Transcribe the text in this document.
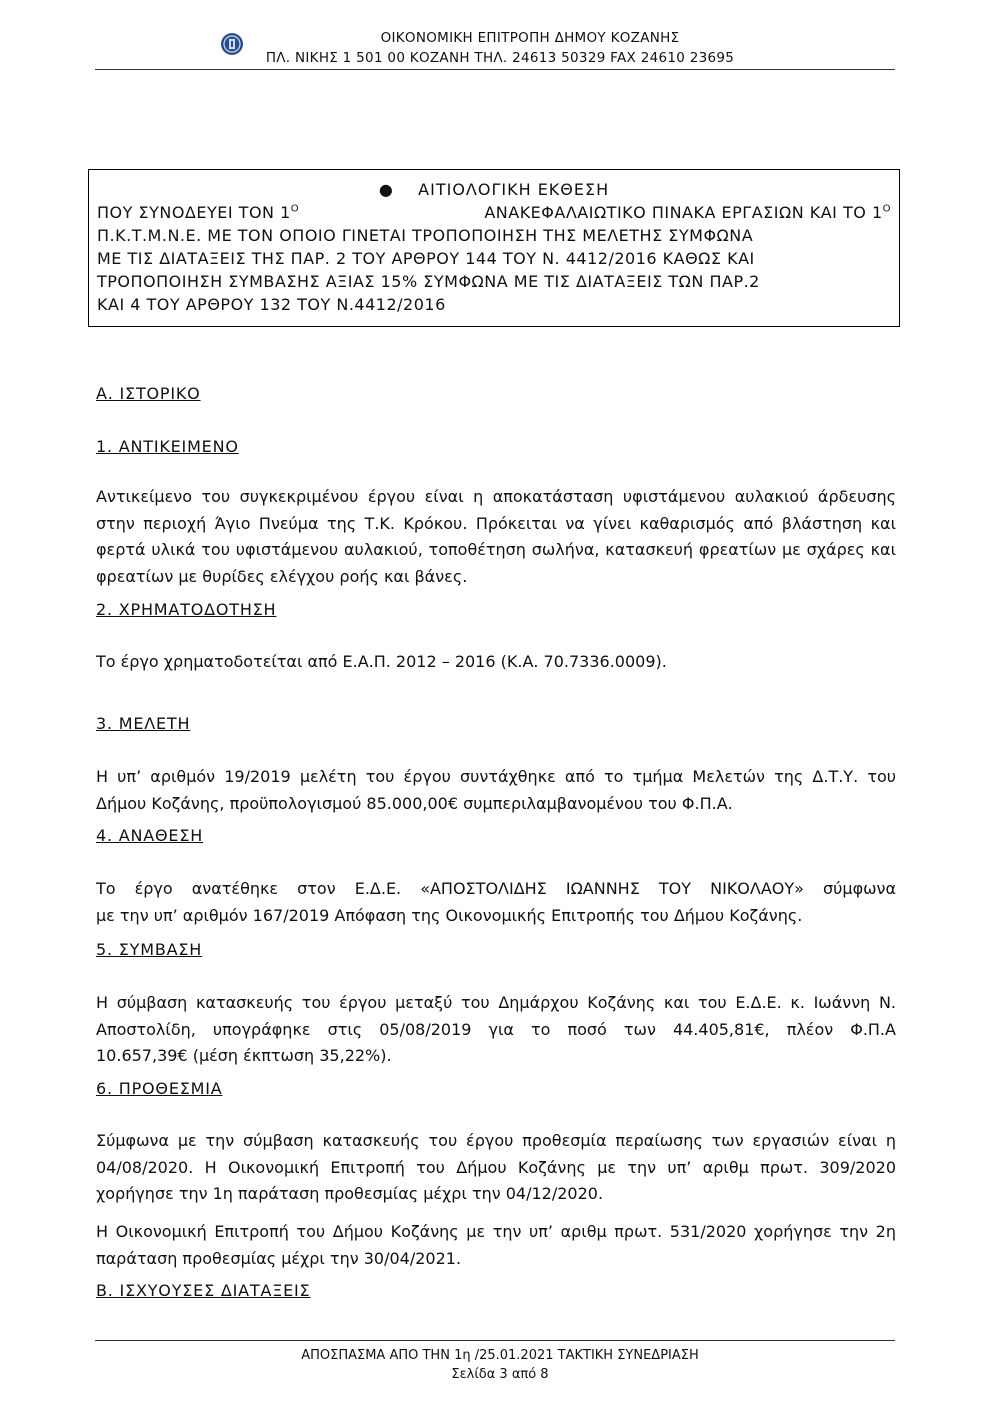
ΟΙΚΟΝΟΜΙΚΗ ΕΠΙΤΡΟΠΗ ΔΗΜΟΥ ΚΟΖΑΝΗΣ
ΠΛ. ΝΙΚΗΣ 1 501 00 ΚΟΖΑΝΗ ΤΗΛ. 24613 50329 FAX 24610 23695
●    ΑΙΤΙΟΛΟΓΙΚΗ ΕΚΘΕΣΗ
ΠΟΥ ΣΥΝΟΔΕΥΕΙ ΤΟΝ $1^O$	ΑΝΑΚΕΦΑΛΑΙΩΤΙΚΟ ΠΙΝΑΚΑ ΕΡΓΑΣΙΩΝ ΚΑΙ ΤΟ $1^O$
Π.Κ.Τ.Μ.Ν.Ε. ΜΕ ΤΟΝ ΟΠΟΙΟ ΓΙΝΕΤΑΙ ΤΡΟΠΟΠΟΙΗΣΗ ΤΗΣ ΜΕΛΕΤΗΣ ΣΥΜΦΩΝΑ
ΜΕ ΤΙΣ ΔΙΑΤΑΞΕΙΣ ΤΗΣ ΠΑΡ. 2 ΤΟΥ ΑΡΘΡΟΥ 144 ΤΟΥ Ν. 4412/2016 ΚΑΘΩΣ ΚΑΙ
ΤΡΟΠΟΠΟΙΗΣΗ ΣΥΜΒΑΣΗΣ ΑΞΙΑΣ 15% ΣΥΜΦΩΝΑ ΜΕ ΤΙΣ ΔΙΑΤΑΞΕΙΣ ΤΩΝ ΠΑΡ.2
ΚΑΙ 4 ΤΟΥ ΑΡΘΡΟΥ 132 ΤΟΥ Ν.4412/2016
Α. ΙΣΤΟΡΙΚΟ
1. ΑΝΤΙΚΕΙΜΕΝΟ
Αντικείμενο του συγκεκριμένου έργου είναι η αποκατάσταση υφιστάμενου αυλακιού άρδευσης
στην περιοχή Άγιο Πνεύμα της Τ.Κ. Κρόκου. Πρόκειται να γίνει καθαρισμός από βλάστηση και
φερτά υλικά του υφιστάμενου αυλακιού, τοποθέτηση σωλήνα, κατασκευή φρεατίων με σχάρες και
φρεατίων με θυρίδες ελέγχου ροής και βάνες.
2. ΧΡΗΜΑΤΟΔΟΤΗΣΗ
Το έργο χρηματοδοτείται από Ε.Α.Π. 2012 – 2016 (Κ.Α. 70.7336.0009).
3. ΜΕΛΕΤΗ
Η υπ’ αριθμόν 19/2019 μελέτη του έργου συντάχθηκε από το τμήμα Μελετών της Δ.Τ.Υ. του
Δήμου Κοζάνης, προϋπολογισμού 85.000,00€ συμπεριλαμβανομένου του Φ.Π.Α.
4. ΑΝΑΘΕΣΗ
Το έργο ανατέθηκε στον Ε.Δ.Ε. «ΑΠΟΣΤΟΛΙΔΗΣ ΙΩΑΝΝΗΣ ΤΟΥ ΝΙΚΟΛΑΟΥ» σύμφωνα
με την υπ’ αριθμόν 167/2019 Απόφαση της Οικονομικής Επιτροπής του Δήμου Κοζάνης.
5. ΣΥΜΒΑΣΗ
Η σύμβαση κατασκευής του έργου μεταξύ του Δημάρχου Κοζάνης και του Ε.Δ.Ε. κ. Ιωάννη Ν.
Αποστολίδη, υπογράφηκε στις 05/08/2019 για το ποσό των 44.405,81€, πλέον Φ.Π.Α
10.657,39€ (μέση έκπτωση 35,22%).
6. ΠΡΟΘΕΣΜΙΑ
Σύμφωνα με την σύμβαση κατασκευής του έργου προθεσμία περαίωσης των εργασιών είναι η
04/08/2020. Η Οικονομική Επιτροπή του Δήμου Κοζάνης με την υπ’ αριθμ πρωτ. 309/2020
χορήγησε την 1η παράταση προθεσμίας μέχρι την 04/12/2020.
Η Οικονομική Επιτροπή του Δήμου Κοζάνης με την υπ’ αριθμ πρωτ. 531/2020 χορήγησε την 2η
παράταση προθεσμίας μέχρι την 30/04/2021.
Β. ΙΣΧΥΟΥΣΕΣ ΔΙΑΤΑΞΕΙΣ
ΑΠΟΣΠΑΣΜΑ ΑΠΟ ΤΗΝ 1η /25.01.2021 ΤΑΚΤΙΚΗ ΣΥΝΕΔΡΙΑΣΗ
Σελίδα 3 από 8
